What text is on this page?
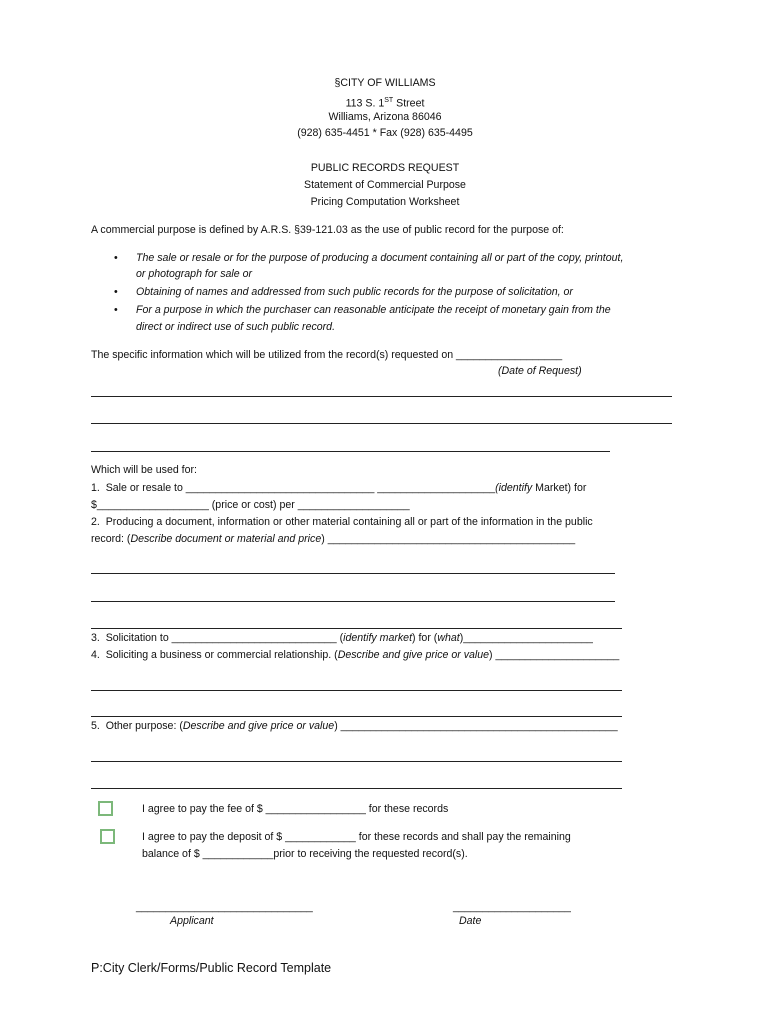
§CITY OF WILLIAMS
113 S. 1ST Street
Williams, Arizona 86046
(928) 635-4451 * Fax (928) 635-4495
PUBLIC RECORDS REQUEST
Statement of Commercial Purpose
Pricing Computation Worksheet
A commercial purpose is defined by A.R.S. §39-121.03 as the use of public record for the purpose of:
• The sale or resale or for the purpose of producing a document containing all or part of the copy, printout,
or photograph for sale or
• Obtaining of names and addressed from such public records for the purpose of solicitation, or
• For a purpose in which the purchaser can reasonable anticipate the receipt of monetary gain from the
direct or indirect use of such public record.
The specific information which will be utilized from the record(s) requested on __________________
(Date of Request)
Which will be used for:
1.  Sale or resale to ________________________________ ____________________(identify Market) for
$___________________ (price or cost) per ___________________
2.  Producing a document, information or other material containing all or part of the information in the public
record: (Describe document or material and price) __________________________________________
3.  Solicitation to ____________________________ (identify market) for (what)______________________
4.  Soliciting a business or commercial relationship. (Describe and give price or value) _____________________
5.  Other purpose: (Describe and give price or value) _______________________________________________
I agree to pay the fee of $ _________________ for these records
I agree to pay the deposit of $ ____________ for these records and shall pay the remaining
balance of $ ____________prior to receiving the requested record(s).
______________________________
Applicant
____________________
Date
P:City Clerk/Forms/Public Record Template
